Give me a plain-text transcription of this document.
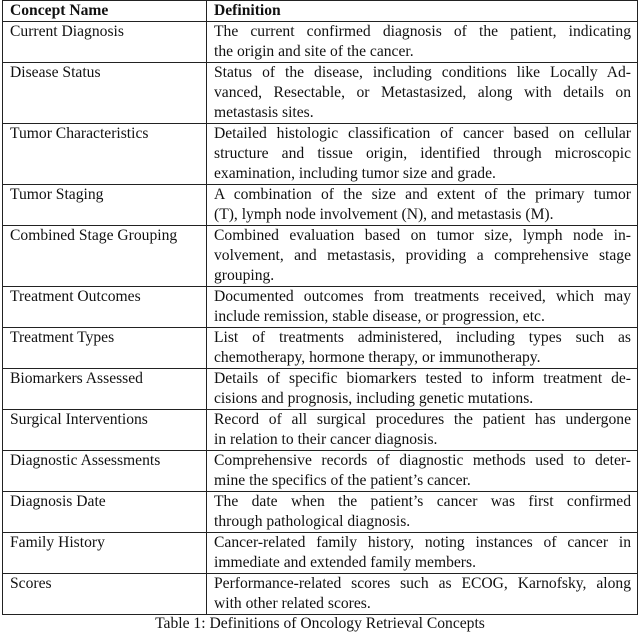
Concept Name	Definition
Current Diagnosis	The current confirmed diagnosis of the patient, indicating
the origin and site of the cancer.

Disease Status	Status of the disease, including conditions like Locally Ad-
vanced, Resectable, or Metastasized, along with details on
metastasis sites.

Tumor Characteristics	Detailed histologic classification of cancer based on cellular
structure and tissue origin, identified through microscopic
examination, including tumor size and grade.

Tumor Staging	A combination of the size and extent of the primary tumor
(T), lymph node involvement (N), and metastasis (M).

Combined Stage Grouping	Combined evaluation based on tumor size, lymph node in-
volvement, and metastasis, providing a comprehensive stage
grouping.

Treatment Outcomes	Documented outcomes from treatments received, which may
include remission, stable disease, or progression, etc.

Treatment Types	List of treatments administered, including types such as
chemotherapy, hormone therapy, or immunotherapy.

Biomarkers Assessed	Details of specific biomarkers tested to inform treatment de-
cisions and prognosis, including genetic mutations.

Surgical Interventions	Record of all surgical procedures the patient has undergone
in relation to their cancer diagnosis.

Diagnostic Assessments	Comprehensive records of diagnostic methods used to deter-
mine the specifics of the patient’s cancer.

Diagnosis Date	The date when the patient’s cancer was first confirmed
through pathological diagnosis.

Family History	Cancer-related family history, noting instances of cancer in
immediate and extended family members.

Scores	Performance-related scores such as ECOG, Karnofsky, along
with other related scores.
Table 1: Definitions of Oncology Retrieval Concepts
